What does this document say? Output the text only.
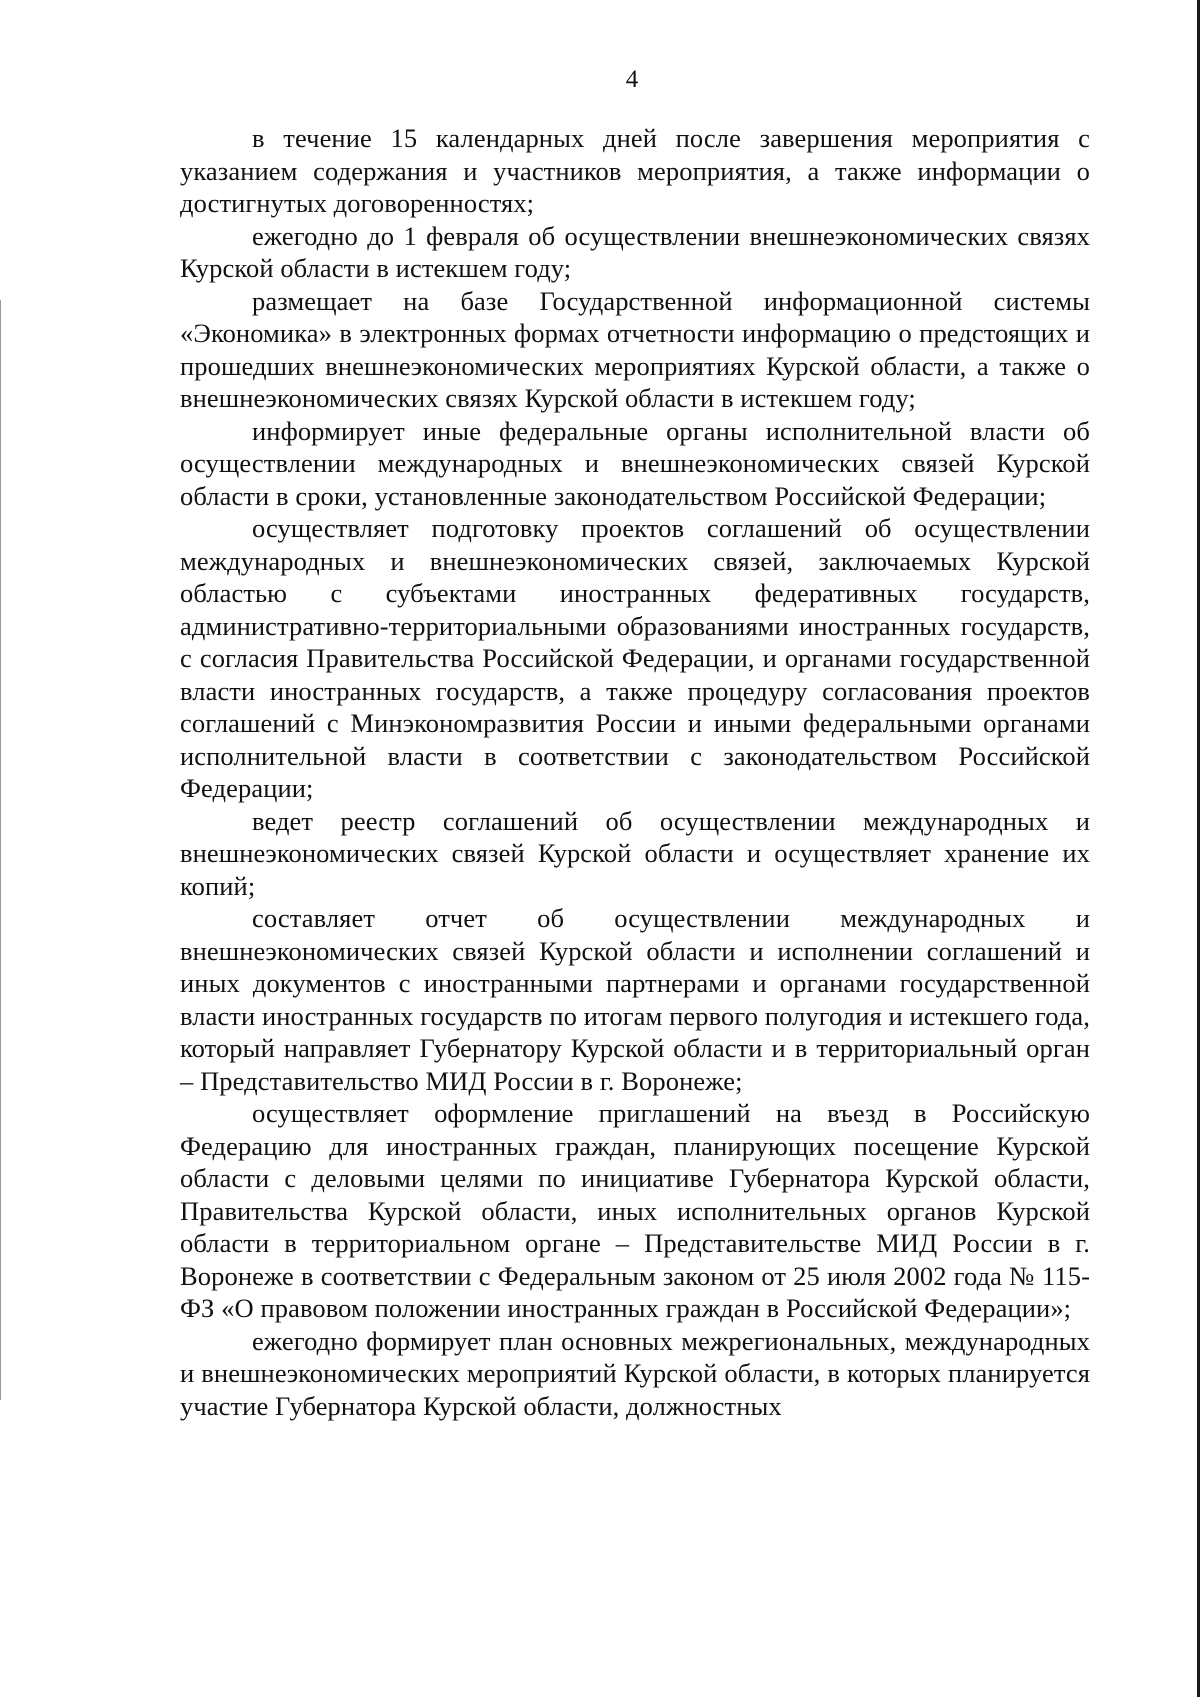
4

в течение 15 календарных дней после завершения мероприятия с указанием содержания и участников мероприятия, а также информации о достигнутых договоренностях;

ежегодно до 1 февраля об осуществлении внешнеэкономических связях Курской области в истекшем году;

размещает на базе Государственной информационной системы «Экономика» в электронных формах отчетности информацию о предстоящих и прошедших внешнеэкономических мероприятиях Курской области, а также о внешнеэкономических связях Курской области в истекшем году;

информирует иные федеральные органы исполнительной власти об осуществлении международных и внешнеэкономических связей Курской области в сроки, установленные законодательством Российской Федерации;

осуществляет подготовку проектов соглашений об осуществлении международных и внешнеэкономических связей, заключаемых Курской областью с субъектами иностранных федеративных государств, административно-территориальными образованиями иностранных государств, с согласия Правительства Российской Федерации, и органами государственной власти иностранных государств, а также процедуру согласования проектов соглашений с Минэкономразвития России и иными федеральными органами исполнительной власти в соответствии с законодательством Российской Федерации;

ведет реестр соглашений об осуществлении международных и внешнеэкономических связей Курской области и осуществляет хранение их копий;

составляет отчет об осуществлении международных и внешнеэкономических связей Курской области и исполнении соглашений и иных документов с иностранными партнерами и органами государственной власти иностранных государств по итогам первого полугодия и истекшего года, который направляет Губернатору Курской области и в территориальный орган – Представительство МИД России в г. Воронеже;

осуществляет оформление приглашений на въезд в Российскую Федерацию для иностранных граждан, планирующих посещение Курской области с деловыми целями по инициативе Губернатора Курской области, Правительства Курской области, иных исполнительных органов Курской области в территориальном органе – Представительстве МИД России в г. Воронеже в соответствии с Федеральным законом от 25 июля 2002 года № 115-ФЗ «О правовом положении иностранных граждан в Российской Федерации»;

ежегодно формирует план основных межрегиональных, международных и внешнеэкономических мероприятий Курской области, в которых планируется участие Губернатора Курской области, должностных
